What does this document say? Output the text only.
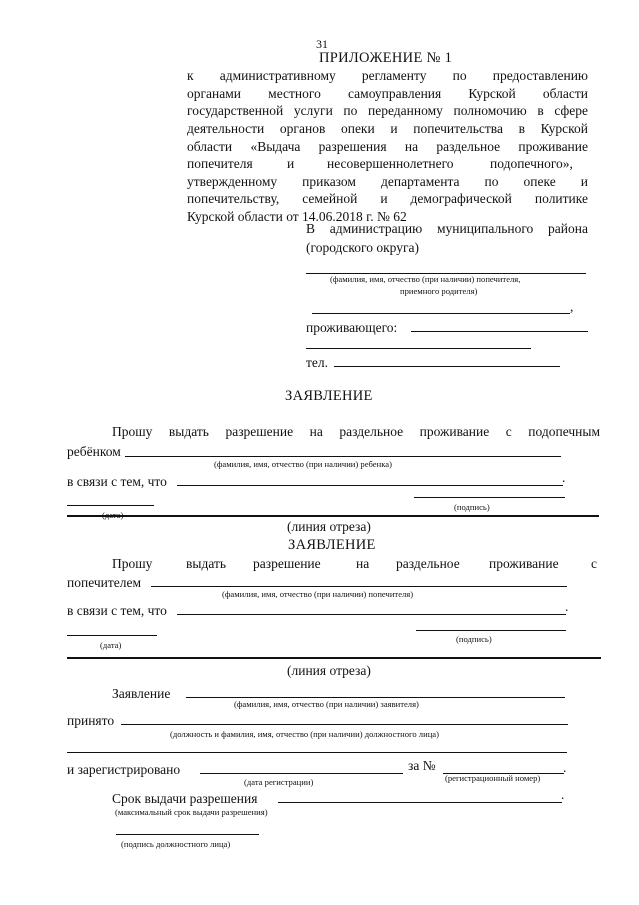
31
ПРИЛОЖЕНИЕ № 1
к административному регламенту по предоставлению
органами местного самоуправления Курской области
государственной услуги по переданному полномочию в сфере
деятельности органов опеки и попечительства в Курской
области «Выдача разрешения на раздельное проживание
попечителя	и несовершеннолетнего	подопечного»,
утвержденному приказом департамента по опеке и
попечительству, семейной и демографической политике
Курской области от 14.06.2018 г. № 62
В администрацию муниципального района
(городского округа)
(фамилия, имя, отчество (при наличии) попечителя,
приемного родителя)
,
проживающего:
тел.
ЗАЯВЛЕНИЕ
Прошу выдать разрешение на раздельное проживание с подопечным
ребёнком
(фамилия, имя, отчество (при наличии) ребенка)
в связи с тем, что	.
(дата)
(подпись)
(линия отреза)
ЗАЯВЛЕНИЕ
Прошу выдать разрешение	на раздельное проживание с
попечителем
(фамилия, имя, отчество (при наличии) попечителя)
в связи с тем, что	.
(дата)
(подпись)
(линия отреза)
Заявление
(фамилия, имя, отчество (при наличии) заявителя)
принято
(должность и фамилия, имя, отчество (при наличии) должностного лица)
и зарегистрировано	за №	.
(дата регистрации)	(регистрационный номер)
Срок выдачи разрешения	.
(максимальный срок выдачи разрешения)
(подпись должностного лица)
